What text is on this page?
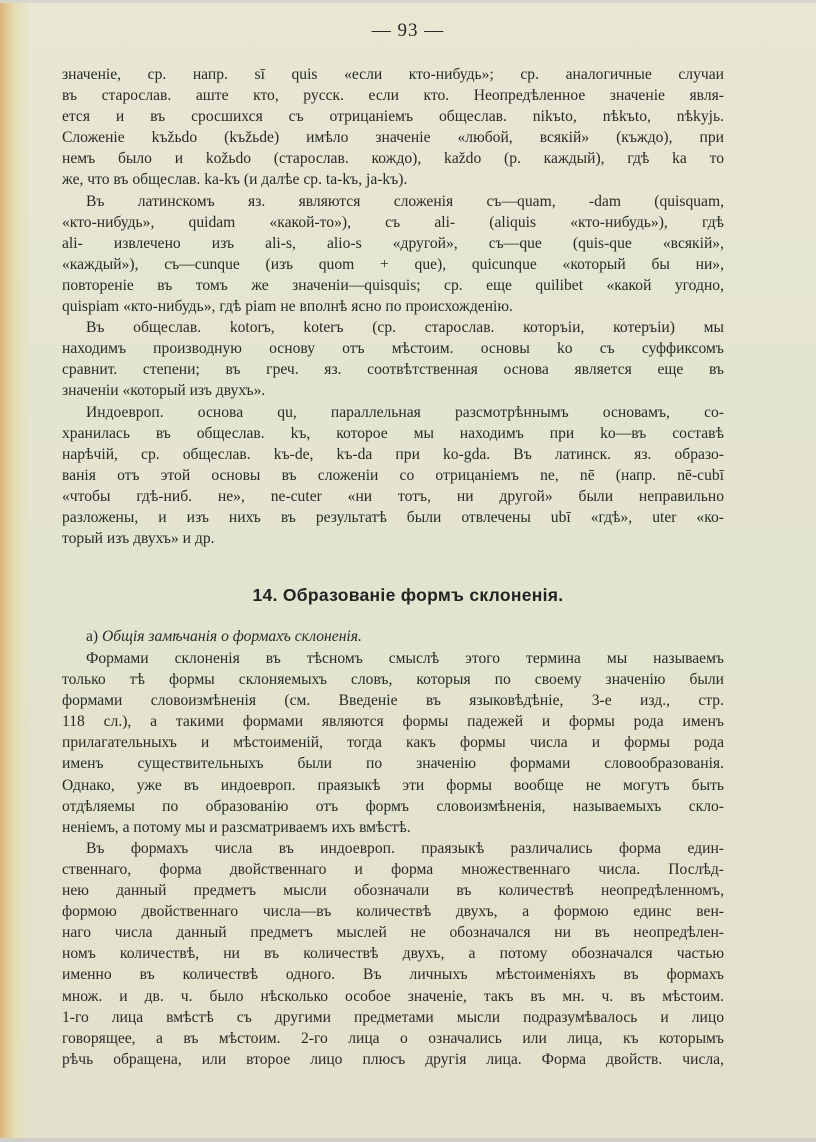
— 93 —
значеніе, ср. напр. sī quis «если кто-нибудь»; ср. аналогичные случаи
въ старослав. аште кто, русск. если кто. Неопредѣленное значеніе явля-
ется и въ сросшихся съ отрицаніемъ общеслав. nikъto, nѣkъto, nѣkyjь.
Сложеніе kъžьdo (kъžьde) имѣло значеніе «любой, всякій» (къждо), при
немъ было и kožьdo (старослав. кождо), každo (р. каждый), гдѣ ka то
же, что въ общеслав. ka-kъ (и далѣе ср. ta-kъ, ja-kъ).
Въ латинскомъ яз. являются сложенія съ—quam, -dam (quisquam,
«кто-нибудь», quidam «какой-то»), съ ali- (aliquis «кто-нибудь»), гдѣ
ali- извлечено изъ ali-s, alio-s «другой», съ—que (quis-que «всякій»,
«каждый»), съ—cunque (изъ quom + que), quicunque «который бы ни»,
повтореніе въ томъ же значеніи—quisquis; ср. еще quilibet «какой угодно,
quispiam «кто-нибудь», гдѣ piam не вполнѣ ясно по происхожденію.
Въ общеслав. kotorъ, koterъ (ср. старослав. которъіи, котеръіи) мы
находимъ производную основу отъ мѣстоим. основы ko съ суффиксомъ
сравнит. степени; въ греч. яз. соотвѣтственная основа является еще въ
значеніи «который изъ двухъ».
Индоевроп. основа qu, параллельная разсмотрѣннымъ основамъ, со-
хранилась въ общеслав. kъ, которое мы находимъ при ko—въ составѣ
нарѣчій, ср. общеслав. kъ-de, kъ-da при ko-gda. Въ латинск. яз. образо-
ванія отъ этой основы въ сложеніи со отрицаніемъ ne, nē (напр. nē-cubī
«чтобы гдѣ-ниб. не», ne-cuter «ни тотъ, ни другой» были неправильно
разложены, и изъ нихъ въ результатѣ были отвлечены ubī «гдѣ», uter «ко-
торый изъ двухъ» и др.
14. Образованіе формъ склоненія.
а) Общія замѣчанія о формахъ склоненія.
Формами склоненія въ тѣсномъ смыслѣ этого термина мы называемъ
только тѣ формы склоняемыхъ словъ, которыя по своему значенію были
формами словоизмѣненія (см. Введеніе въ языковѣдѣніе, 3-е изд., стр.
118 сл.), а такими формами являются формы падежей и формы рода именъ
прилагательныхъ и мѣстоименій, тогда какъ формы числа и формы рода
именъ существительныхъ были по значенію формами словообразованія.
Однако, уже въ индоевроп. праязыкѣ эти формы вообще не могутъ быть
отдѣляемы по образованію отъ формъ словоизмѣненія, называемыхъ скло-
неніемъ, а потому мы и разсматриваемъ ихъ вмѣстѣ.
Въ формахъ числа въ индоевроп. праязыкѣ различались форма един-
ственнаго, форма двойственнаго и форма множественнаго числа. Послѣд-
нею данный предметъ мысли обозначали въ количествѣ неопредѣленномъ,
формою двойственнаго числа—въ количествѣ двухъ, а формою единс вен-
наго числа данный предметъ мыслей не обозначался ни въ неопредѣлен-
номъ количествѣ, ни въ количествѣ двухъ, а потому обозначался частью
именно въ количествѣ одного. Въ личныхъ мѣстоименіяхъ въ формахъ
множ. и дв. ч. было нѣсколько особое значеніе, такъ въ мн. ч. въ мѣстоим.
1-го лица вмѣстѣ съ другими предметами мысли подразумѣвалось и лицо
говорящее, а въ мѣстоим. 2-го лица о означались или лица, къ которымъ
рѣчь обращена, или второе лицо плюсъ другія лица. Форма двойств. числа,
